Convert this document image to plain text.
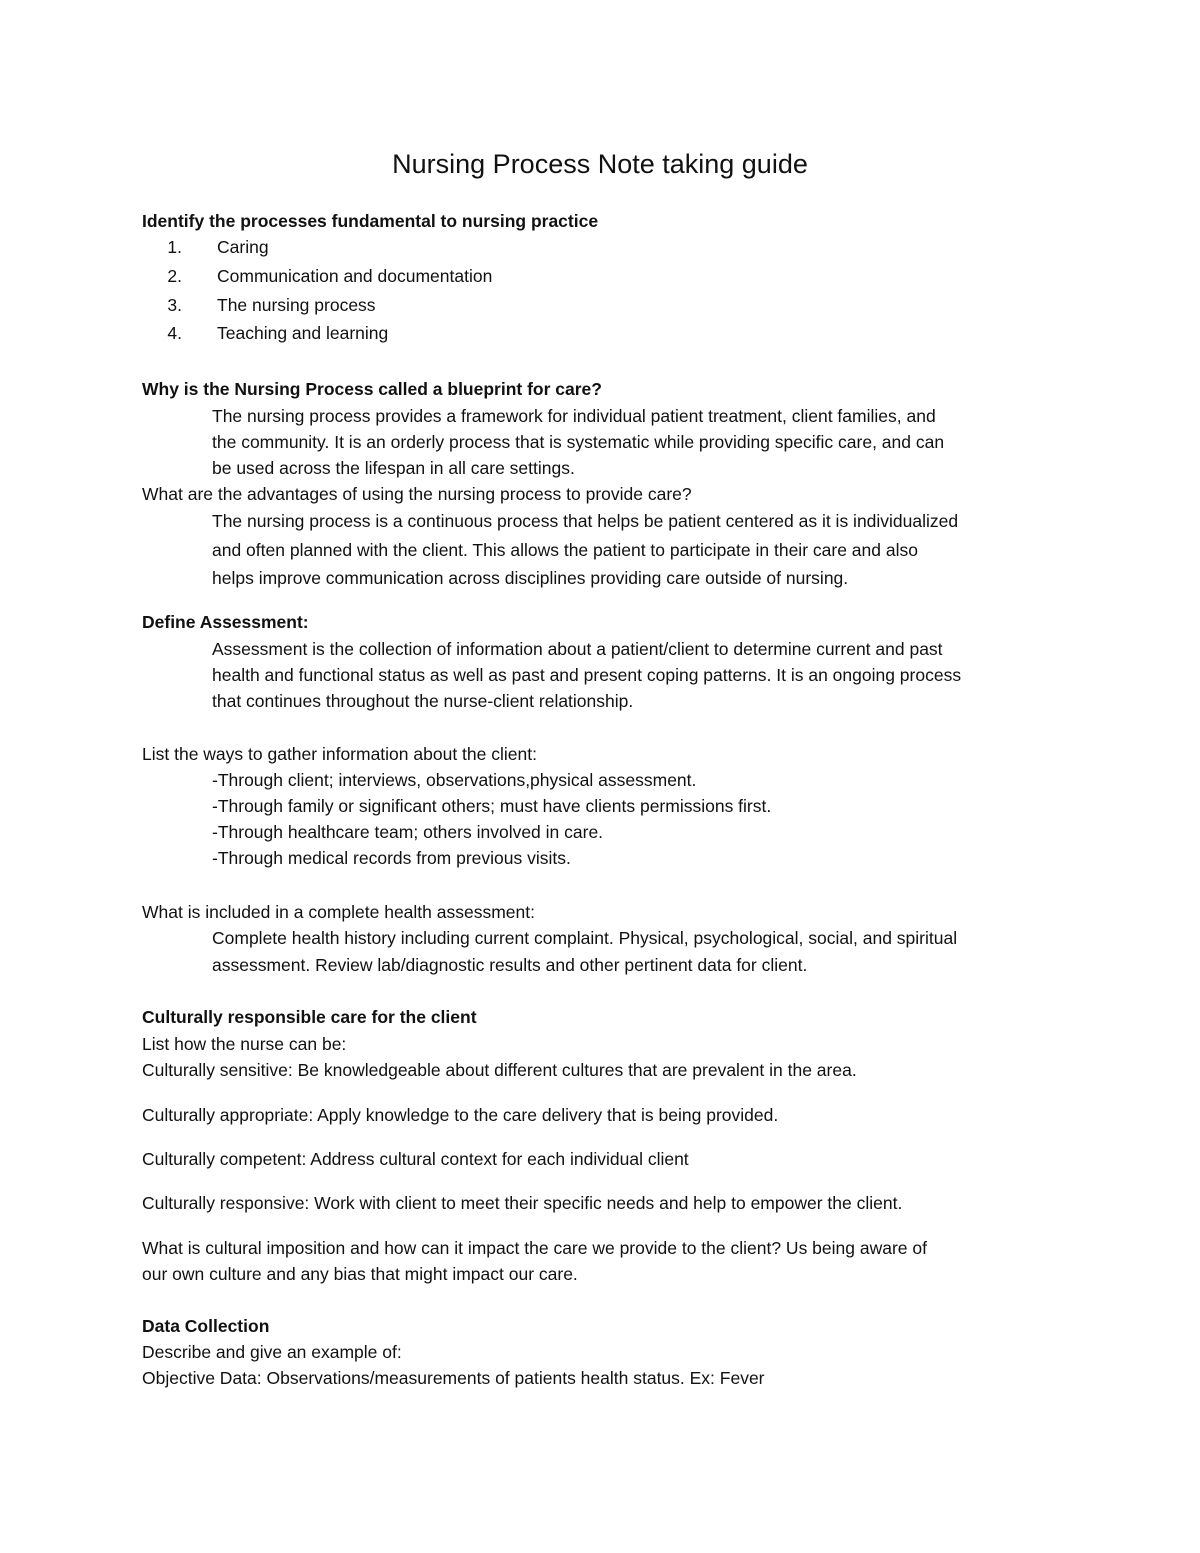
Nursing Process Note taking guide
Identify the processes fundamental to nursing practice
1. Caring
2. Communication and documentation
3. The nursing process
4. Teaching and learning
Why is the Nursing Process called a blueprint for care?
The nursing process provides a framework for individual patient treatment, client families, and
the community. It is an orderly process that is systematic while providing specific care, and can
be used across the lifespan in all care settings.
What are the advantages of using the nursing process to provide care?
The nursing process is a continuous process that helps be patient centered as it is individualized
and often planned with the client. This allows the patient to participate in their care and also
helps improve communication across disciplines providing care outside of nursing.
Define Assessment:
Assessment is the collection of information about a patient/client to determine current and past
health and functional status as well as past and present coping patterns. It is an ongoing process
that continues throughout the nurse-client relationship.
List the ways to gather information about the client:
-Through client; interviews, observations,physical assessment.
-Through family or significant others; must have clients permissions first.
-Through healthcare team; others involved in care.
-Through medical records from previous visits.
What is included in a complete health assessment:
Complete health history including current complaint. Physical, psychological, social, and spiritual
assessment. Review lab/diagnostic results and other pertinent data for client.
Culturally responsible care for the client
List how the nurse can be:
Culturally sensitive: Be knowledgeable about different cultures that are prevalent in the area.
Culturally appropriate: Apply knowledge to the care delivery that is being provided.
Culturally competent: Address cultural context for each individual client
Culturally responsive: Work with client to meet their specific needs and help to empower the client.
What is cultural imposition and how can it impact the care we provide to the client? Us being aware of
our own culture and any bias that might impact our care.
Data Collection
Describe and give an example of:
Objective Data: Observations/measurements of patients health status. Ex: Fever
